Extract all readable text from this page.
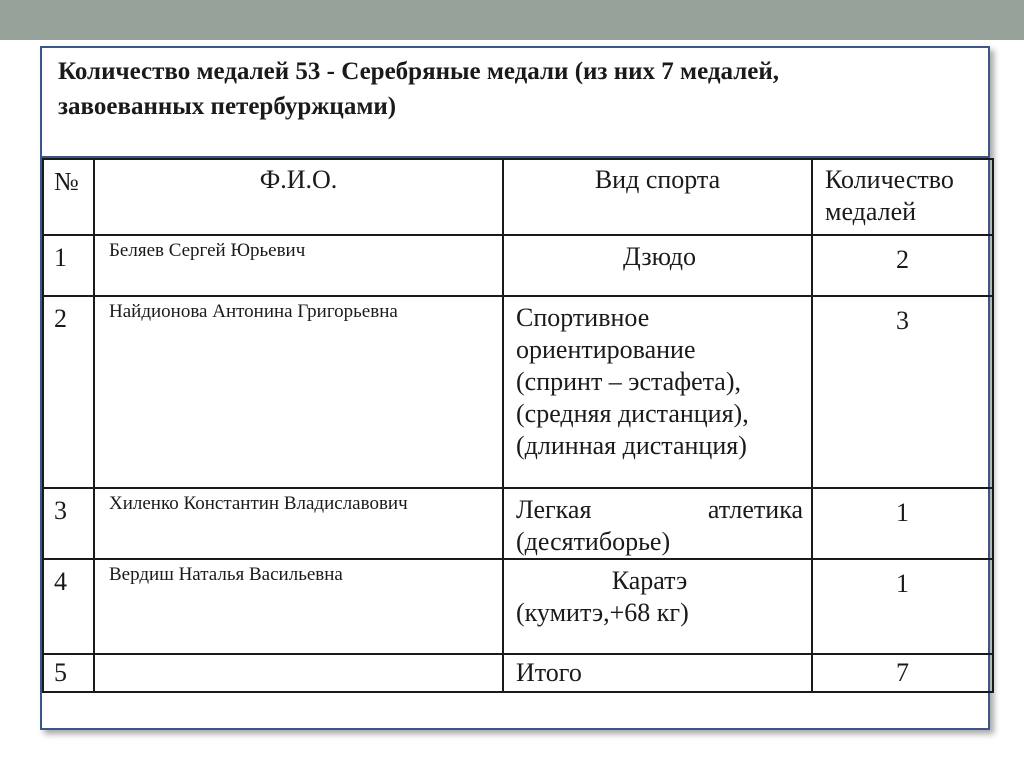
Количество медалей 53 - Серебряные медали (из них 7 медалей,
завоеванных петербуржцами)
№	Ф.И.О.	Вид спорта	Количество
медалей

1	Беляев Сергей Юрьевич	Дзюдо	2
2	Найдионова Антонина Григорьевна	Спортивное
ориентирование
(спринт – эстафета),
(средняя дистанция),
(длинная дистанция)	3
3	Хиленко Константин Владиславович	Легкая атлетика
(десятиборье)	1
4	Вердиш Наталья Васильевна	Каратэ
(кумитэ,+68 кг)	1
5		Итого	7
